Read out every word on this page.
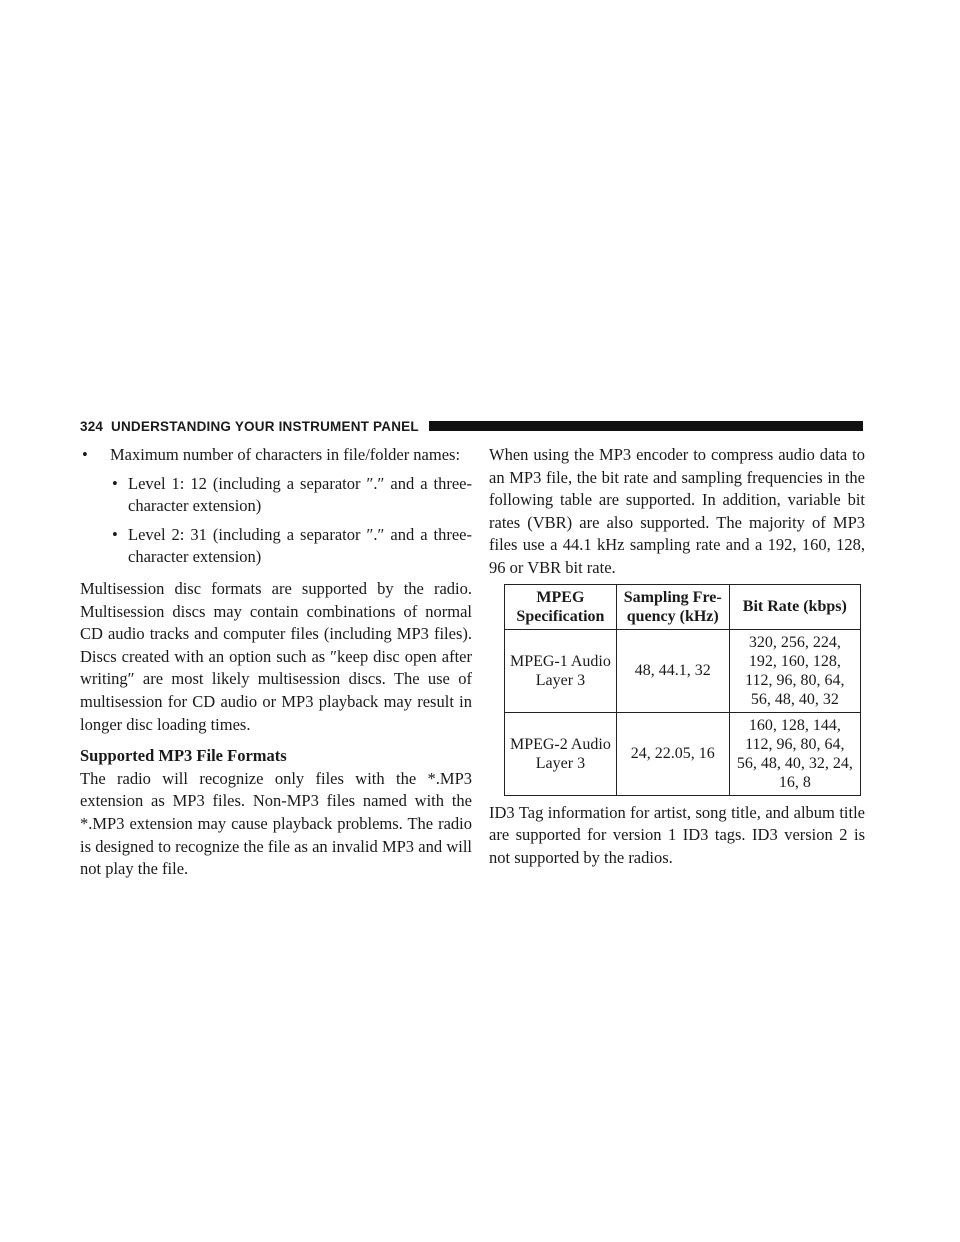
324 UNDERSTANDING YOUR INSTRUMENT PANEL
• Maximum number of characters in file/folder names:
• Level 1: 12 (including a separator ″.″ and a three-character extension)
• Level 2: 31 (including a separator ″.″ and a three-character extension)

Multisession disc formats are supported by the radio. Multisession discs may contain combinations of normal CD audio tracks and computer files (including MP3 files). Discs created with an option such as ″keep disc open after writing″ are most likely multisession discs. The use of multisession for CD audio or MP3 playback may result in longer disc loading times.

Supported MP3 File Formats

The radio will recognize only files with the *.MP3 extension as MP3 files. Non-MP3 files named with the *.MP3 extension may cause playback problems. The radio is designed to recognize the file as an invalid MP3 and will not play the file.

When using the MP3 encoder to compress audio data to an MP3 file, the bit rate and sampling frequencies in the following table are supported. In addition, variable bit rates (VBR) are also supported. The majority of MP3 files use a 44.1 kHz sampling rate and a 192, 160, 128, 96 or VBR bit rate.

MPEG Specification	Sampling Fre-quency (kHz)	Bit Rate (kbps)
MPEG-1 Audio Layer 3	48, 44.1, 32	320, 256, 224, 192, 160, 128, 112, 96, 80, 64, 56, 48, 40, 32
MPEG-2 Audio Layer 3	24, 22.05, 16	160, 128, 144, 112, 96, 80, 64, 56, 48, 40, 32, 24, 16, 8

ID3 Tag information for artist, song title, and album title are supported for version 1 ID3 tags. ID3 version 2 is not supported by the radios.
